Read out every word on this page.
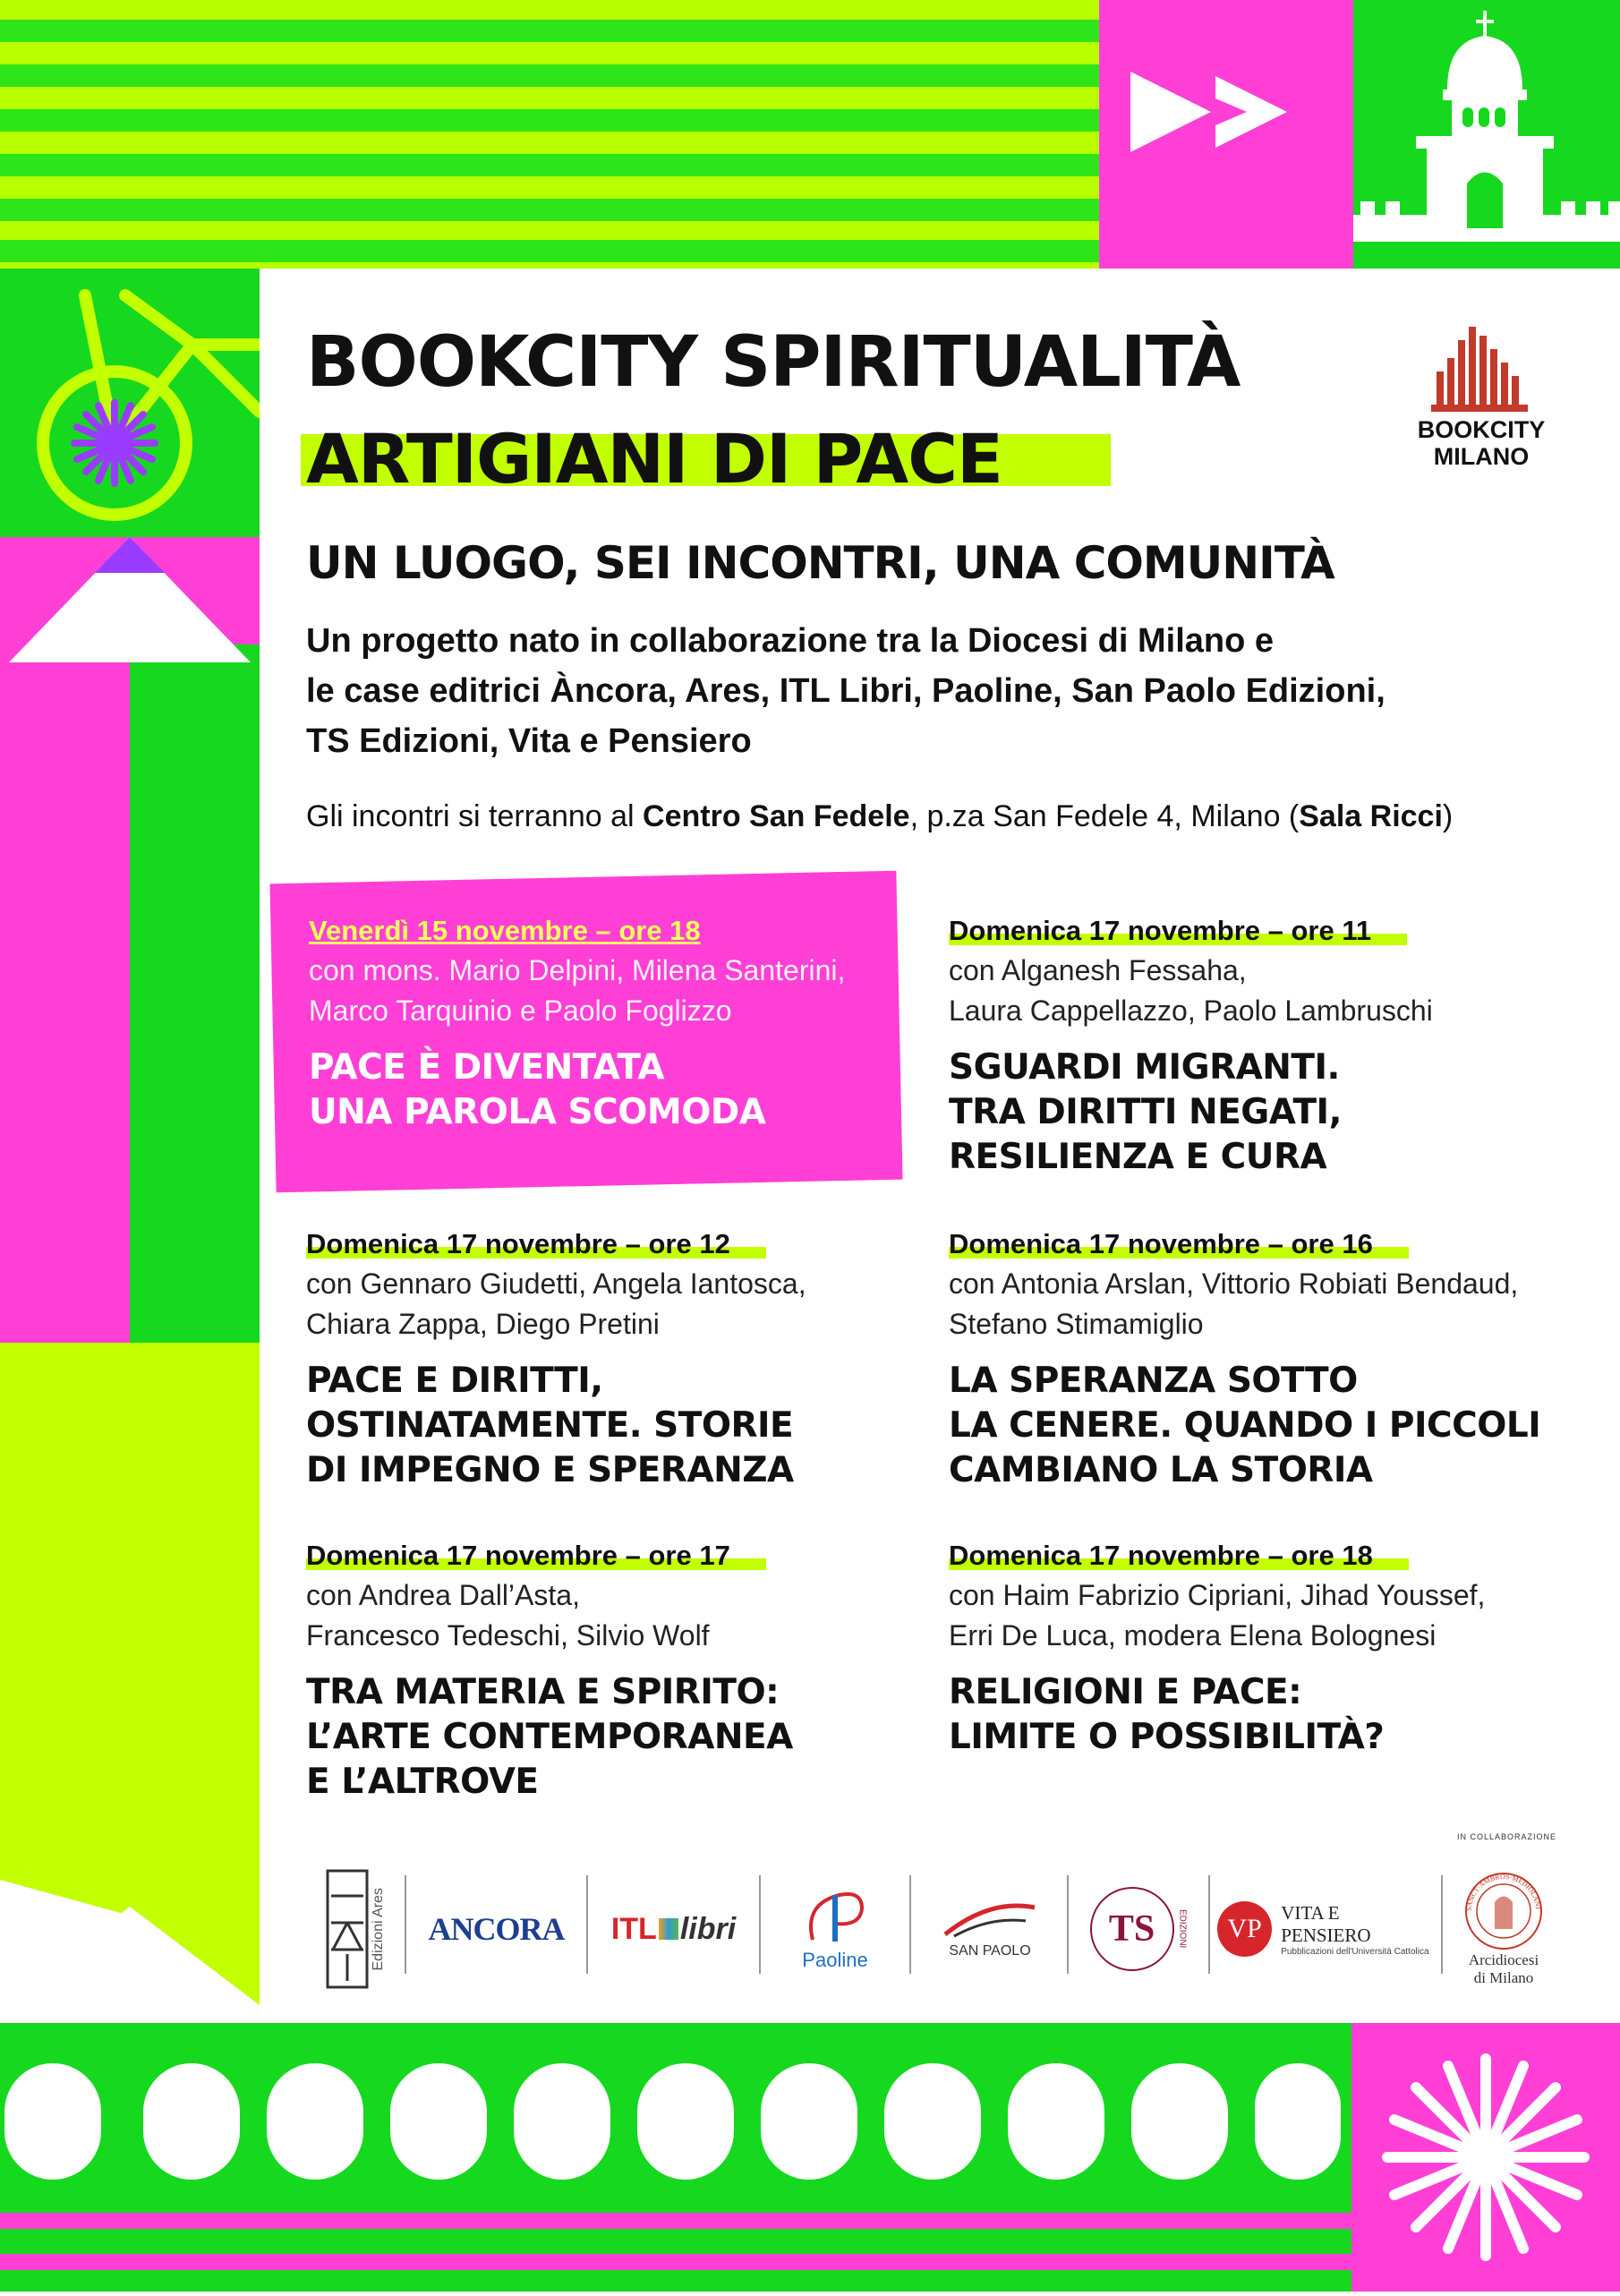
BOOKCITY SPIRITUALITÀ
ARTIGIANI DI PACE	BOOKCITY
MILANO
UN LUOGO, SEI INCONTRI, UNA COMUNITÀ
Un progetto nato in collaborazione tra la Diocesi di Milano e
le case editrici Àncora, Ares, ITL Libri, Paoline, San Paolo Edizioni,
TS Edizioni, Vita e Pensiero
Gli incontri si terranno al Centro San Fedele, p.za San Fedele 4, Milano (Sala Ricci)
Venerdì 15 novembre – ore 18
con mons. Mario Delpini, Milena Santerini,
Marco Tarquinio e Paolo Foglizzo
PACE È DIVENTATA
UNA PAROLA SCOMODA
Domenica 17 novembre – ore 11
con Alganesh Fessaha,
Laura Cappellazzo, Paolo Lambruschi
SGUARDI MIGRANTI.
TRA DIRITTI NEGATI,
RESILIENZA E CURA
Domenica 17 novembre – ore 12
con Gennaro Giudetti, Angela Iantosca,
Chiara Zappa, Diego Pretini
PACE E DIRITTI,
OSTINATAMENTE. STORIE
DI IMPEGNO E SPERANZA
Domenica 17 novembre – ore 16
con Antonia Arslan, Vittorio Robiati Bendaud,
Stefano Stimamiglio
LA SPERANZA SOTTO
LA CENERE. QUANDO I PICCOLI
CAMBIANO LA STORIA
Domenica 17 novembre – ore 17
con Andrea Dall’Asta,
Francesco Tedeschi, Silvio Wolf
TRA MATERIA E SPIRITO:
L’ARTE CONTEMPORANEA
E L’ALTROVE
Domenica 17 novembre – ore 18
con Haim Fabrizio Cipriani, Jihad Youssef,
Erri De Luca, modera Elena Bolognesi
RELIGIONI E PACE:
LIMITE O POSSIBILITÀ?
IN COLLABORAZIONE
Edizioni Ares ANCORA ITL libri
Paoline	SAN PAOLO
TS	EDIZIONI VP
VITA E PENSIERO
Pubblicazioni dell'Università Cattolica
SANCT·AMBROS·MEDIOLANI
Arcidiocesi
di Milano
